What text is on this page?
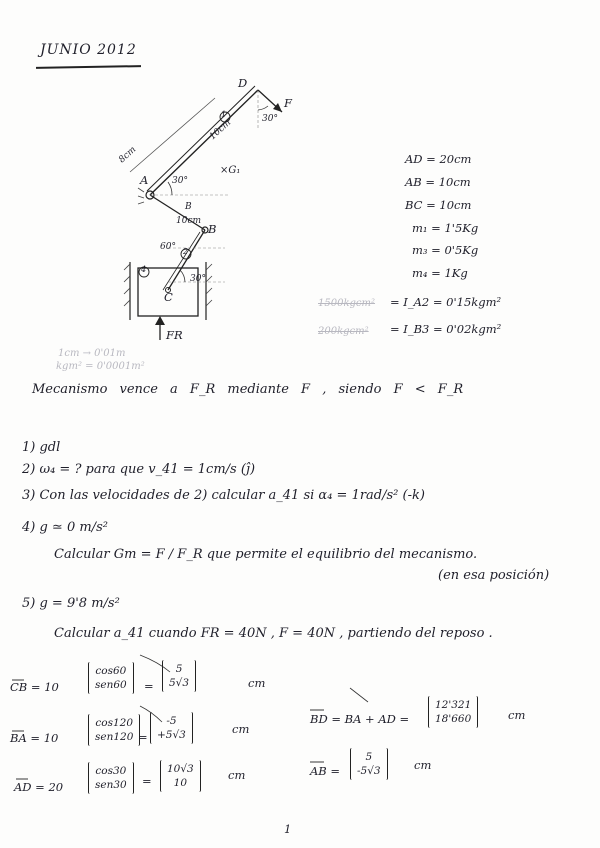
JUNIO 2012
D
F
30°
1
10cm
8cm
A	30°
×G₁
B
10cm
B
60° 2
4
30°
C
FR
AD = 20cm
AB = 10cm
BC = 10cm
m₁ = 1'5Kg
m₃ = 0'5Kg
m₄ = 1Kg
1500kgcm² = I_A2 = 0'15kgm²
200kgcm² = I_B3 = 0'02kgm²
1cm → 0'01m
kgm² = 0'0001m²
Mecanismo vence a F_R mediante F , siendo F < F_R
1) gdl
2) ω₄ = ? para que v_41 = 1cm/s (ĵ)
3) Con las velocidades de 2) calcular a_41 si α₄ = 1rad/s² (-k)
4) g ≃ 0 m/s²
Calcular Gm = F / F_R que permite el equilibrio del mecanismo.
(en esa posición)
5) g = 9'8 m/s²
Calcular a_41 cuando FR = 40N , F = 40N , partiendo del reposo .
CB = 10
cos60
sen60 =
5
5√3	cm
BA = 10
cos120
sen120 =
-5
+5√3	cm
AD = 20
cos30
sen30 =
10√3
10
cm
BD = BA + AD =
12'321
18'660	cm
AB =
5
-5√3	cm
1
